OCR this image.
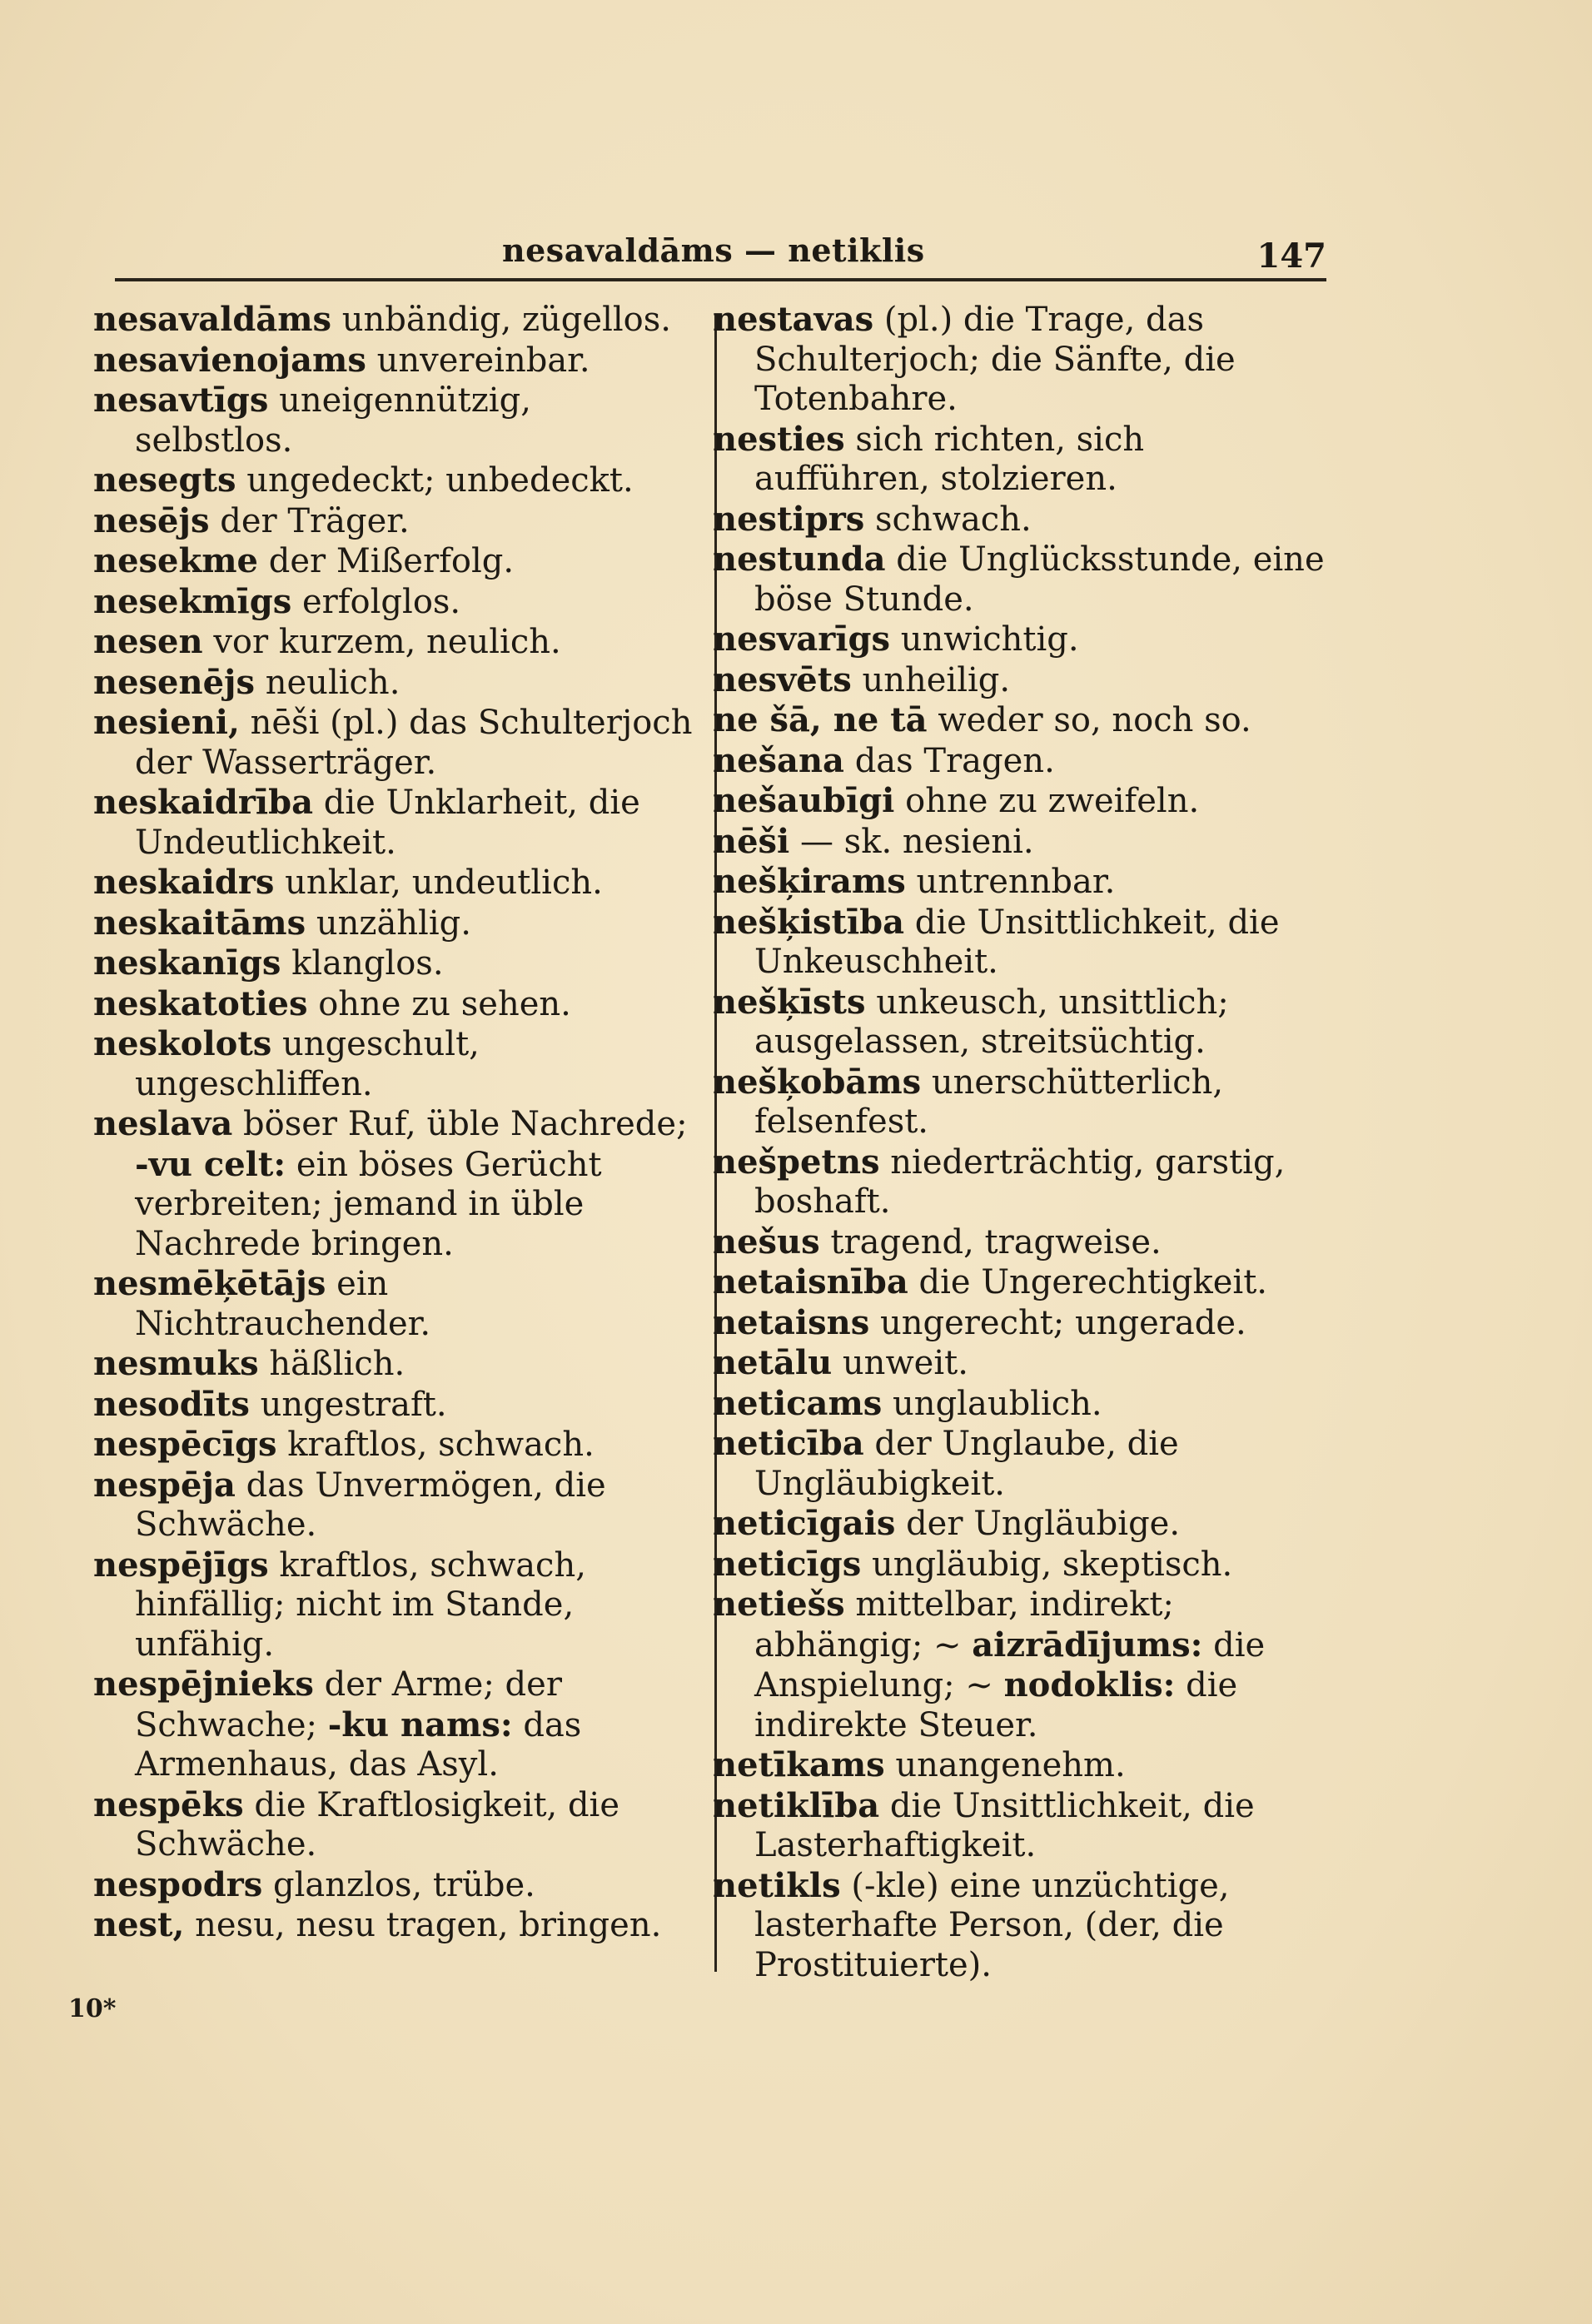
nesavaldāms — netiklis	147
nesavaldāms unbändig, zügellos.
nesavienojams unvereinbar.
nesavtīgs uneigennützig, selbstlos.
nesegts ungedeckt; unbedeckt.
nesējs der Träger.
nesekme der Mißerfolg.
nesekmīgs erfolglos.
nesen vor kurzem, neulich.
nesenējs neulich.
nesieni, nēši (pl.) das Schulterjoch der Wasserträger.
neskaidrība die Unklarheit, die Undeutlichkeit.
neskaidrs unklar, undeutlich.
neskaitāms unzählig.
neskanīgs klanglos.
neskatoties ohne zu sehen.
neskolots ungeschult, ungeschliffen.
neslava böser Ruf, üble Nachrede; -vu celt: ein böses Gerücht verbreiten; jemand in üble Nachrede bringen.
nesmēķētājs ein Nichtrauchender.
nesmuks häßlich.
nesodīts ungestraft.
nespēcīgs kraftlos, schwach.
nespēja das Unvermögen, die Schwäche.
nespējīgs kraftlos, schwach, hinfällig; nicht im Stande, unfähig.
nespējnieks der Arme; der Schwache; -ku nams: das Armenhaus, das Asyl.
nespēks die Kraftlosigkeit, die Schwäche.
nespodrs glanzlos, trübe.
nest, nesu, nesu tragen, bringen.
nestavas (pl.) die Trage, das Schulterjoch; die Sänfte, die Totenbahre.
nesties sich richten, sich aufführen, stolzieren.
nestiprs schwach.
nestunda die Unglücksstunde, eine böse Stunde.
nesvarīgs unwichtig.
nesvēts unheilig.
ne šā, ne tā weder so, noch so.
nešana das Tragen.
nešaubīgi ohne zu zweifeln.
nēši — sk. nesieni.
nešķirams untrennbar.
nešķistība die Unsittlichkeit, die Unkeuschheit.
nešķīsts unkeusch, unsittlich; ausgelassen, streitsüchtig.
nešķobāms unerschütterlich, felsenfest.
nešpetns niederträchtig, garstig, boshaft.
nešus tragend, tragweise.
netaisnība die Ungerechtigkeit.
netaisns ungerecht; ungerade.
netālu unweit.
neticams unglaublich.
neticība der Unglaube, die Ungläubigkeit.
neticīgais der Ungläubige.
neticīgs ungläubig, skeptisch.
netiešs mittelbar, indirekt; abhängig; ~ aizrādījums: die Anspielung; ~ nodoklis: die indirekte Steuer.
netīkams unangenehm.
netiklība die Unsittlichkeit, die Lasterhaftigkeit.
netikls (-kle) eine unzüchtige, lasterhafte Person, (der, die Prostituierte).
10*
